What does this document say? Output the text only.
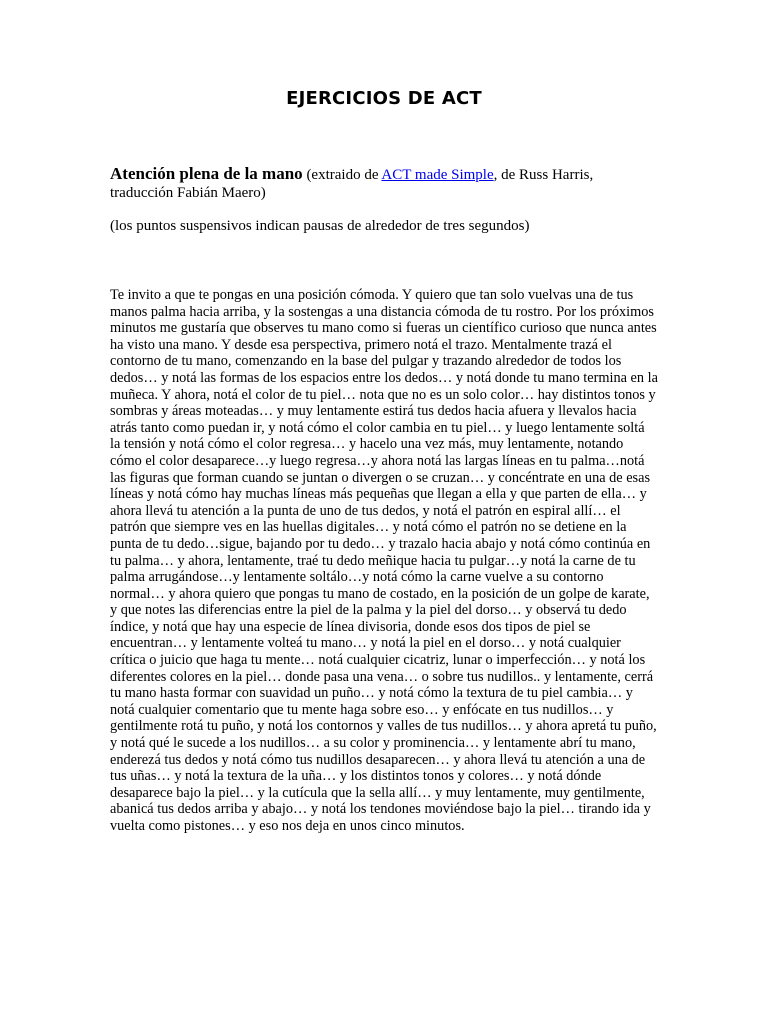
EJERCICIOS DE ACT

Atención plena de la mano (extraido de ACT made Simple, de Russ Harris, traducción Fabián Maero)

(los puntos suspensivos indican pausas de alrededor de tres segundos)

Te invito a que te pongas en una posición cómoda. Y quiero que tan solo vuelvas una de tus manos palma hacia arriba, y la sostengas a una distancia cómoda de tu rostro. Por los próximos minutos me gustaría que observes tu mano como si fueras un científico curioso que nunca antes ha visto una mano. Y desde esa perspectiva, primero notá el trazo. Mentalmente trazá el contorno de tu mano, comenzando en la base del pulgar y trazando alrededor de todos los dedos… y notá las formas de los espacios entre los dedos… y notá donde tu mano termina en la muñeca. Y ahora, notá el color de tu piel… nota que no es un solo color… hay distintos tonos y sombras y áreas moteadas… y muy lentamente estirá tus dedos hacia afuera y llevalos hacia atrás tanto como puedan ir, y notá cómo el color cambia en tu piel… y luego lentamente soltá la tensión y notá cómo el color regresa… y hacelo una vez más, muy lentamente, notando cómo el color desaparece…y luego regresa…y ahora notá las largas líneas en tu palma…notá las figuras que forman cuando se juntan o divergen o se cruzan… y concéntrate en una de esas líneas y notá cómo hay muchas líneas más pequeñas que llegan a ella y que parten de ella… y ahora llevá tu atención a la punta de uno de tus dedos, y notá el patrón en espiral allí… el patrón que siempre ves en las huellas digitales… y notá cómo el patrón no se detiene en la punta de tu dedo…sigue, bajando por tu dedo… y trazalo hacia abajo y notá cómo continúa en tu palma… y ahora, lentamente, traé tu dedo meñique hacia tu pulgar…y notá la carne de tu palma arrugándose…y lentamente soltálo…y notá cómo la carne vuelve a su contorno normal… y ahora quiero que pongas tu mano de costado, en la posición de un golpe de karate, y que notes las diferencias entre la piel de la palma y la piel del dorso… y observá tu dedo índice, y notá que hay una especie de línea divisoria, donde esos dos tipos de piel se encuentran… y lentamente volteá tu mano… y notá la piel en el dorso… y notá cualquier crítica o juicio que haga tu mente… notá cualquier cicatriz, lunar o imperfección… y notá los diferentes colores en la piel… donde pasa una vena… o sobre tus nudillos.. y lentamente, cerrá tu mano hasta formar con suavidad un puño… y notá cómo la textura de tu piel cambia… y notá cualquier comentario que tu mente haga sobre eso… y enfócate en tus nudillos… y gentilmente rotá tu puño, y notá los contornos y valles de tus nudillos… y ahora apretá tu puño, y notá qué le sucede a los nudillos… a su color y prominencia… y lentamente abrí tu mano, enderezá tus dedos y notá cómo tus nudillos desaparecen… y ahora llevá tu atención a una de tus uñas… y notá la textura de la uña… y los distintos tonos y colores… y notá dónde desaparece bajo la piel… y la cutícula que la sella allí… y muy lentamente, muy gentilmente, abanicá tus dedos arriba y abajo… y notá los tendones moviéndose bajo la piel… tirando ida y vuelta como pistones… y eso nos deja en unos cinco minutos.
